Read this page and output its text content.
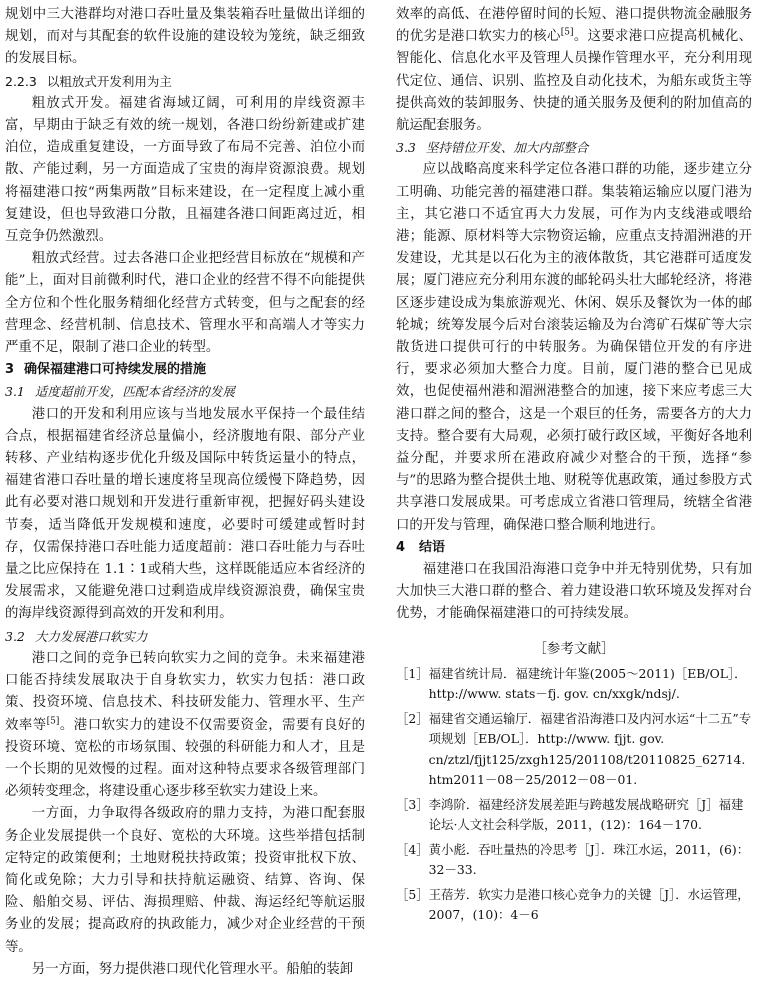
规划中三大港群均对港口吞吐量及集装箱吞吐量做出详细的规划，而对与其配套的软件设施的建设较为笼统，缺乏细致的发展目标。

2.2.3 以粗放式开发利用为主

粗放式开发。福建省海域辽阔，可利用的岸线资源丰富，早期由于缺乏有效的统一规划，各港口纷纷新建或扩建泊位，造成重复建设，一方面导致了布局不完善、泊位小而散、产能过剩，另一方面造成了宝贵的海岸资源浪费。规划将福建港口按“两集两散”目标来建设，在一定程度上减小重复建设，但也导致港口分散，且福建各港口间距离过近，相互竞争仍然激烈。

粗放式经营。过去各港口企业把经营目标放在“规模和产能”上，面对目前微利时代，港口企业的经营不得不向能提供全方位和个性化服务精细化经营方式转变，但与之配套的经营理念、经营机制、信息技术、管理水平和高端人才等实力严重不足，限制了港口企业的转型。

3 确保福建港口可持续发展的措施

3.1 适度超前开发，匹配本省经济的发展

港口的开发和利用应该与当地发展水平保持一个最佳结合点，根据福建省经济总量偏小，经济腹地有限、部分产业转移、产业结构逐步优化升级及国际中转货运量小的特点，福建省港口吞吐量的增长速度将呈现高位缓慢下降趋势，因此有必要对港口规划和开发进行重新审视，把握好码头建设节奏，适当降低开发规模和速度，必要时可缓建或暂时封存，仅需保持港口吞吐能力适度超前：港口吞吐能力与吞吐量之比应保持在 1.1∶1或稍大些，这样既能适应本省经济的发展需求，又能避免港口过剩造成岸线资源浪费，确保宝贵的海岸线资源得到高效的开发和利用。

3.2 大力发展港口软实力

港口之间的竞争已转向软实力之间的竞争。未来福建港口能否持续发展取决于自身软实力，软实力包括：港口政策、投资环境、信息技术、科技研发能力、管理水平、生产效率等[5]。港口软实力的建设不仅需要资金，需要有良好的投资环境、宽松的市场氛围、较强的科研能力和人才，且是一个长期的见效慢的过程。面对这种特点要求各级管理部门必须转变理念，将建设重心逐步移至软实力建设上来。

一方面，力争取得各级政府的鼎力支持，为港口配套服务企业发展提供一个良好、宽松的大环境。这些举措包括制定特定的政策便利；土地财税扶持政策；投资审批权下放、简化或免除；大力引导和扶持航运融资、结算、咨询、保险、船舶交易、评估、海损理赔、仲裁、海运经纪等航运服务业的发展；提高政府的执政能力，减少对企业经营的干预等。

另一方面，努力提供港口现代化管理水平。船舶的装卸

效率的高低、在港停留时间的长短、港口提供物流金融服务的优劣是港口软实力的核心[5]。这要求港口应提高机械化、智能化、信息化水平及管理人员操作管理水平，充分利用现代定位、通信、识别、监控及自动化技术，为船东或货主等提供高效的装卸服务、快捷的通关服务及便利的附加值高的航运配套服务。

3.3 坚持错位开发、加大内部整合

应以战略高度来科学定位各港口群的功能，逐步建立分工明确、功能完善的福建港口群。集装箱运输应以厦门港为主，其它港口不适宜再大力发展，可作为内支线港或喂给港；能源、原材料等大宗物资运输，应重点支持湄洲港的开发建设，尤其是以石化为主的液体散货，其它港群可适度发展；厦门港应充分利用东渡的邮轮码头壮大邮轮经济，将港区逐步建设成为集旅游观光、休闲、娱乐及餐饮为一体的邮轮城；统筹发展今后对台滚装运输及为台湾矿石煤矿等大宗散货进口提供可行的中转服务。为确保错位开发的有序进行，要求必须加大整合力度。目前，厦门港的整合已见成效，也促使福州港和湄洲港整合的加速，接下来应考虑三大港口群之间的整合，这是一个艰巨的任务，需要各方的大力支持。整合要有大局观，必须打破行政区域，平衡好各地利益分配，并要求所在港政府减少对整合的干预，选择“参与”的思路为整合提供土地、财税等优惠政策，通过参股方式共享港口发展成果。可考虑成立省港口管理局，统辖全省港口的开发与管理，确保港口整合顺利地进行。

4 结语

福建港口在我国沿海港口竞争中并无特别优势，只有加大加快三大港口群的整合、着力建设港口软环境及发挥对台优势，才能确保福建港口的可持续发展。

［参考文献］

［1］ 福建省统计局．福建统计年鉴(2005～2011)［EB/OL］．http://www. stats－fj. gov. cn/xxgk/ndsj/.
［2］ 福建省交通运输厅．福建省沿海港口及内河水运“十二五”专项规划［EB/OL］．http://www. fjjt. gov. cn/ztzl/fjjt125/zxgh125/201108/t20110825_62714. htm2011－08－25/2012－08－01.
［3］ 李鸿阶．福建经济发展差距与跨越发展战略研究［J］福建论坛·人文社会科学版，2011，(12)：164－170.
［4］ 黄小彪．吞吐量热的冷思考［J］．珠江水运，2011，(6)：32－33.
［5］ 王蓓芳．软实力是港口核心竞争力的关键［J］．水运管理，2007，(10)：4－6
